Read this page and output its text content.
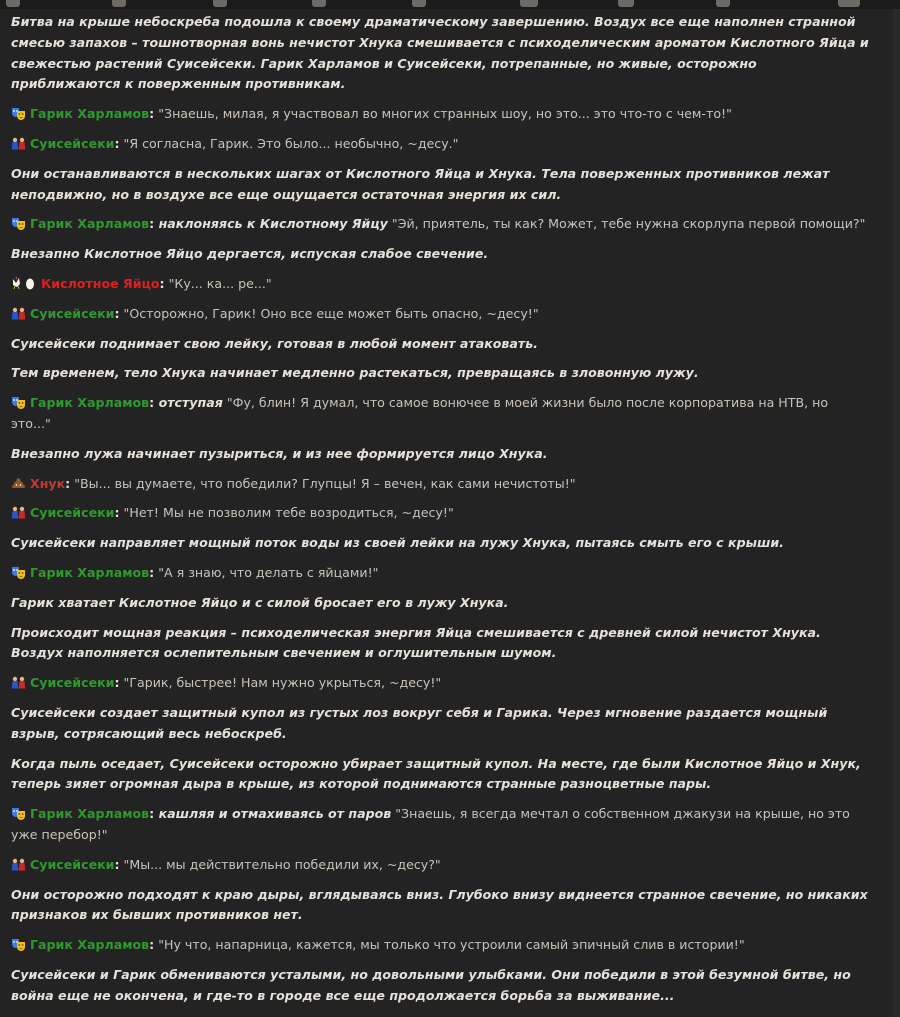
Битва на крыше небоскреба подошла к своему драматическому завершению. Воздух все еще наполнен странной смесью запахов – тошнотворная вонь нечистот Хнука смешивается с психоделическим ароматом Кислотного Яйца и свежестью растений Суисейсеки. Гарик Харламов и Суисейсеки, потрепанные, но живые, осторожно приближаются к поверженным противникам.
Гарик Харламов: "Знаешь, милая, я участвовал во многих странных шоу, но это... это что-то с чем-то!"
Суисейсеки: "Я согласна, Гарик. Это было... необычно, ~десу."
Они останавливаются в нескольких шагах от Кислотного Яйца и Хнука. Тела поверженных противников лежат неподвижно, но в воздухе все еще ощущается остаточная энергия их сил.
Гарик Харламов: наклоняясь к Кислотному Яйцу "Эй, приятель, ты как? Может, тебе нужна скорлупа первой помощи?"
Внезапно Кислотное Яйцо дергается, испуская слабое свечение.
Кислотное Яйцо: "Ку... ка... ре..."
Суисейсеки: "Осторожно, Гарик! Оно все еще может быть опасно, ~десу!"
Суисейсеки поднимает свою лейку, готовая в любой момент атаковать.
Тем временем, тело Хнука начинает медленно растекаться, превращаясь в зловонную лужу.
Гарик Харламов: отступая "Фу, блин! Я думал, что самое вонючее в моей жизни было после корпоратива на НТВ, но это..."
Внезапно лужа начинает пузыриться, и из нее формируется лицо Хнука.
Хнук: "Вы... вы думаете, что победили? Глупцы! Я – вечен, как сами нечистоты!"
Суисейсеки: "Нет! Мы не позволим тебе возродиться, ~десу!"
Суисейсеки направляет мощный поток воды из своей лейки на лужу Хнука, пытаясь смыть его с крыши.
Гарик Харламов: "А я знаю, что делать с яйцами!"
Гарик хватает Кислотное Яйцо и с силой бросает его в лужу Хнука.
Происходит мощная реакция – психоделическая энергия Яйца смешивается с древней силой нечистот Хнука. Воздух наполняется ослепительным свечением и оглушительным шумом.
Суисейсеки: "Гарик, быстрее! Нам нужно укрыться, ~десу!"
Суисейсеки создает защитный купол из густых лоз вокруг себя и Гарика. Через мгновение раздается мощный взрыв, сотрясающий весь небоскреб.
Когда пыль оседает, Суисейсеки осторожно убирает защитный купол. На месте, где были Кислотное Яйцо и Хнук, теперь зияет огромная дыра в крыше, из которой поднимаются странные разноцветные пары.
Гарик Харламов: кашляя и отмахиваясь от паров "Знаешь, я всегда мечтал о собственном джакузи на крыше, но это уже перебор!"
Суисейсеки: "Мы... мы действительно победили их, ~десу?"
Они осторожно подходят к краю дыры, вглядываясь вниз. Глубоко внизу виднеется странное свечение, но никаких признаков их бывших противников нет.
Гарик Харламов: "Ну что, напарница, кажется, мы только что устроили самый эпичный слив в истории!"
Суисейсеки и Гарик обмениваются усталыми, но довольными улыбками. Они победили в этой безумной битве, но война еще не окончена, и где-то в городе все еще продолжается борьба за выживание...
